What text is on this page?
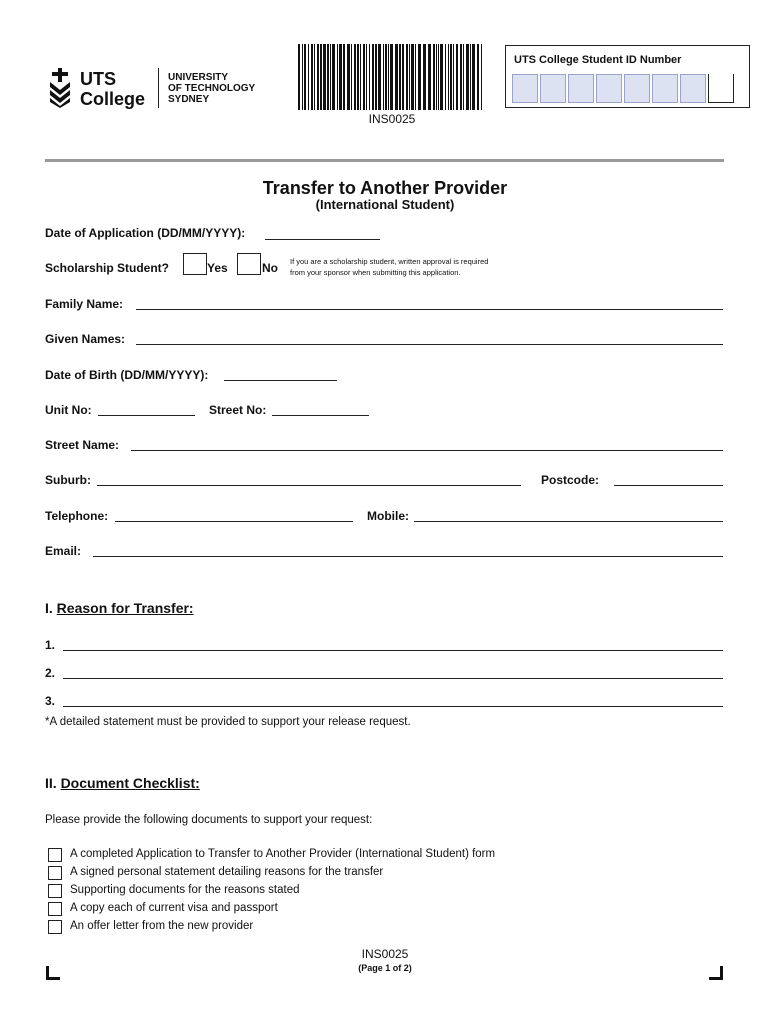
UTS
College
UNIVERSITY
OF TECHNOLOGY
SYDNEY
INS0025
UTS College Student ID Number
Transfer to Another Provider
(International Student)
Date of Application (DD/MM/YYYY):
Scholarship Student?	Yes	No If you are a scholarship student, written approval is required
from your sponsor when submitting this application.
Family Name:
Given Names:
Date of Birth (DD/MM/YYYY):
Unit No:	Street No:
Street Name:
Suburb:	Postcode:
Telephone:	Mobile:
Email:
I. Reason for Transfer:
1.
2.
3.
*A detailed statement must be provided to support your release request.
II. Document Checklist:
Please provide the following documents to support your request:
A completed Application to Transfer to Another Provider (International Student) form
A signed personal statement detailing reasons for the transfer
Supporting documents for the reasons stated
A copy each of current visa and passport
An offer letter from the new provider
INS0025
(Page 1 of 2)
